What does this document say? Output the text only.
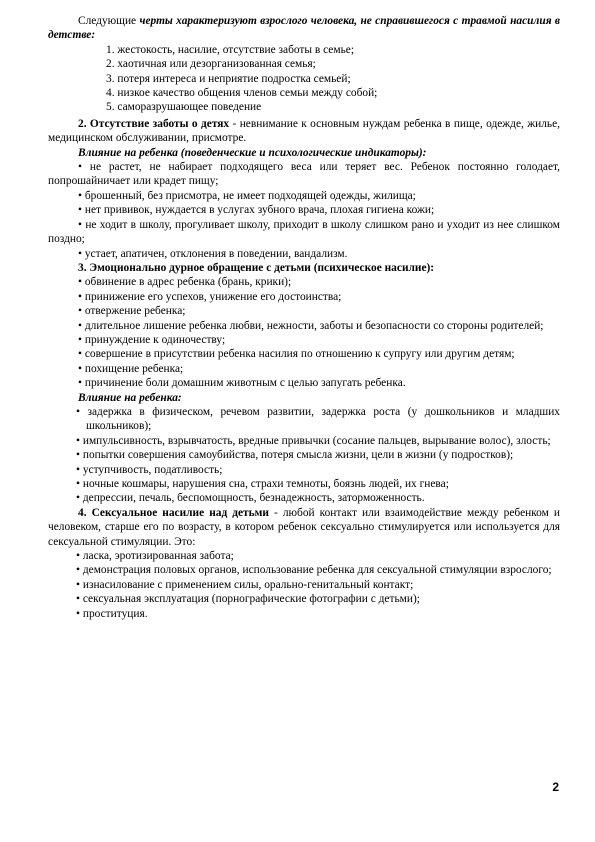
Следующие черты характеризуют взрослого человека, не справившегося с травмой насилия в детстве:

1. жестокость, насилие, отсутствие заботы в семье;

2. хаотичная или дезорганизованная семья;

3. потеря интереса и неприятие подростка семьей;

4. низкое качество общения членов семьи между собой;

5. саморазрушающее поведение

2. Отсутствие заботы о детях - невнимание к основным нуждам ребенка в пище, одежде, жилье, медицинском обслуживании, присмотре.

Влияние на ребенка (поведенческие и психологические индикаторы):

• не растет, не набирает подходящего веса или теряет вес. Ребенок постоянно голодает, попрошайничает или крадет пищу;

• брошенный, без присмотра, не имеет подходящей одежды, жилища;

• нет прививок, нуждается в услугах зубного врача, плохая гигиена кожи;

• не ходит в школу, прогуливает школу, приходит в школу слишком рано и уходит из нее слишком поздно;

• устает, апатичен, отклонения в поведении, вандализм.

3. Эмоционально дурное обращение с детьми (психическое насилие):

• обвинение в адрес ребенка (брань, крики);

• принижение его успехов, унижение его достоинства;

• отвержение ребенка;

• длительное лишение ребенка любви, нежности, заботы и безопасности со стороны родителей;

• принуждение к одиночеству;

• совершение в присутствии ребенка насилия по отношению к супругу или другим детям;

• похищение ребенка;

• причинение боли домашним животным с целью запугать ребенка.

Влияние на ребенка:

• задержка в физическом, речевом развитии, задержка роста (у дошкольников и младших школьников);

• импульсивность, взрывчатость, вредные привычки (сосание пальцев, вырывание волос), злость;

• попытки совершения самоубийства, потеря смысла жизни, цели в жизни (у подростков);

• уступчивость, податливость;

• ночные кошмары, нарушения сна, страхи темноты, боязнь людей, их гнева;

• депрессии, печаль, беспомощность, безнадежность, заторможенность.

4. Сексуальное насилие над детьми - любой контакт или взаимодействие между ребенком и человеком, старше его по возрасту, в котором ребенок сексуально стимулируется или используется для сексуальной стимуляции. Это:

• ласка, эротизированная забота;

• демонстрация половых органов, использование ребенка для сексуальной стимуляции взрослого;

• изнасилование с применением силы, орально-генитальный контакт;

• сексуальная эксплуатация (порнографические фотографии с детьми);

• проституция.

2
